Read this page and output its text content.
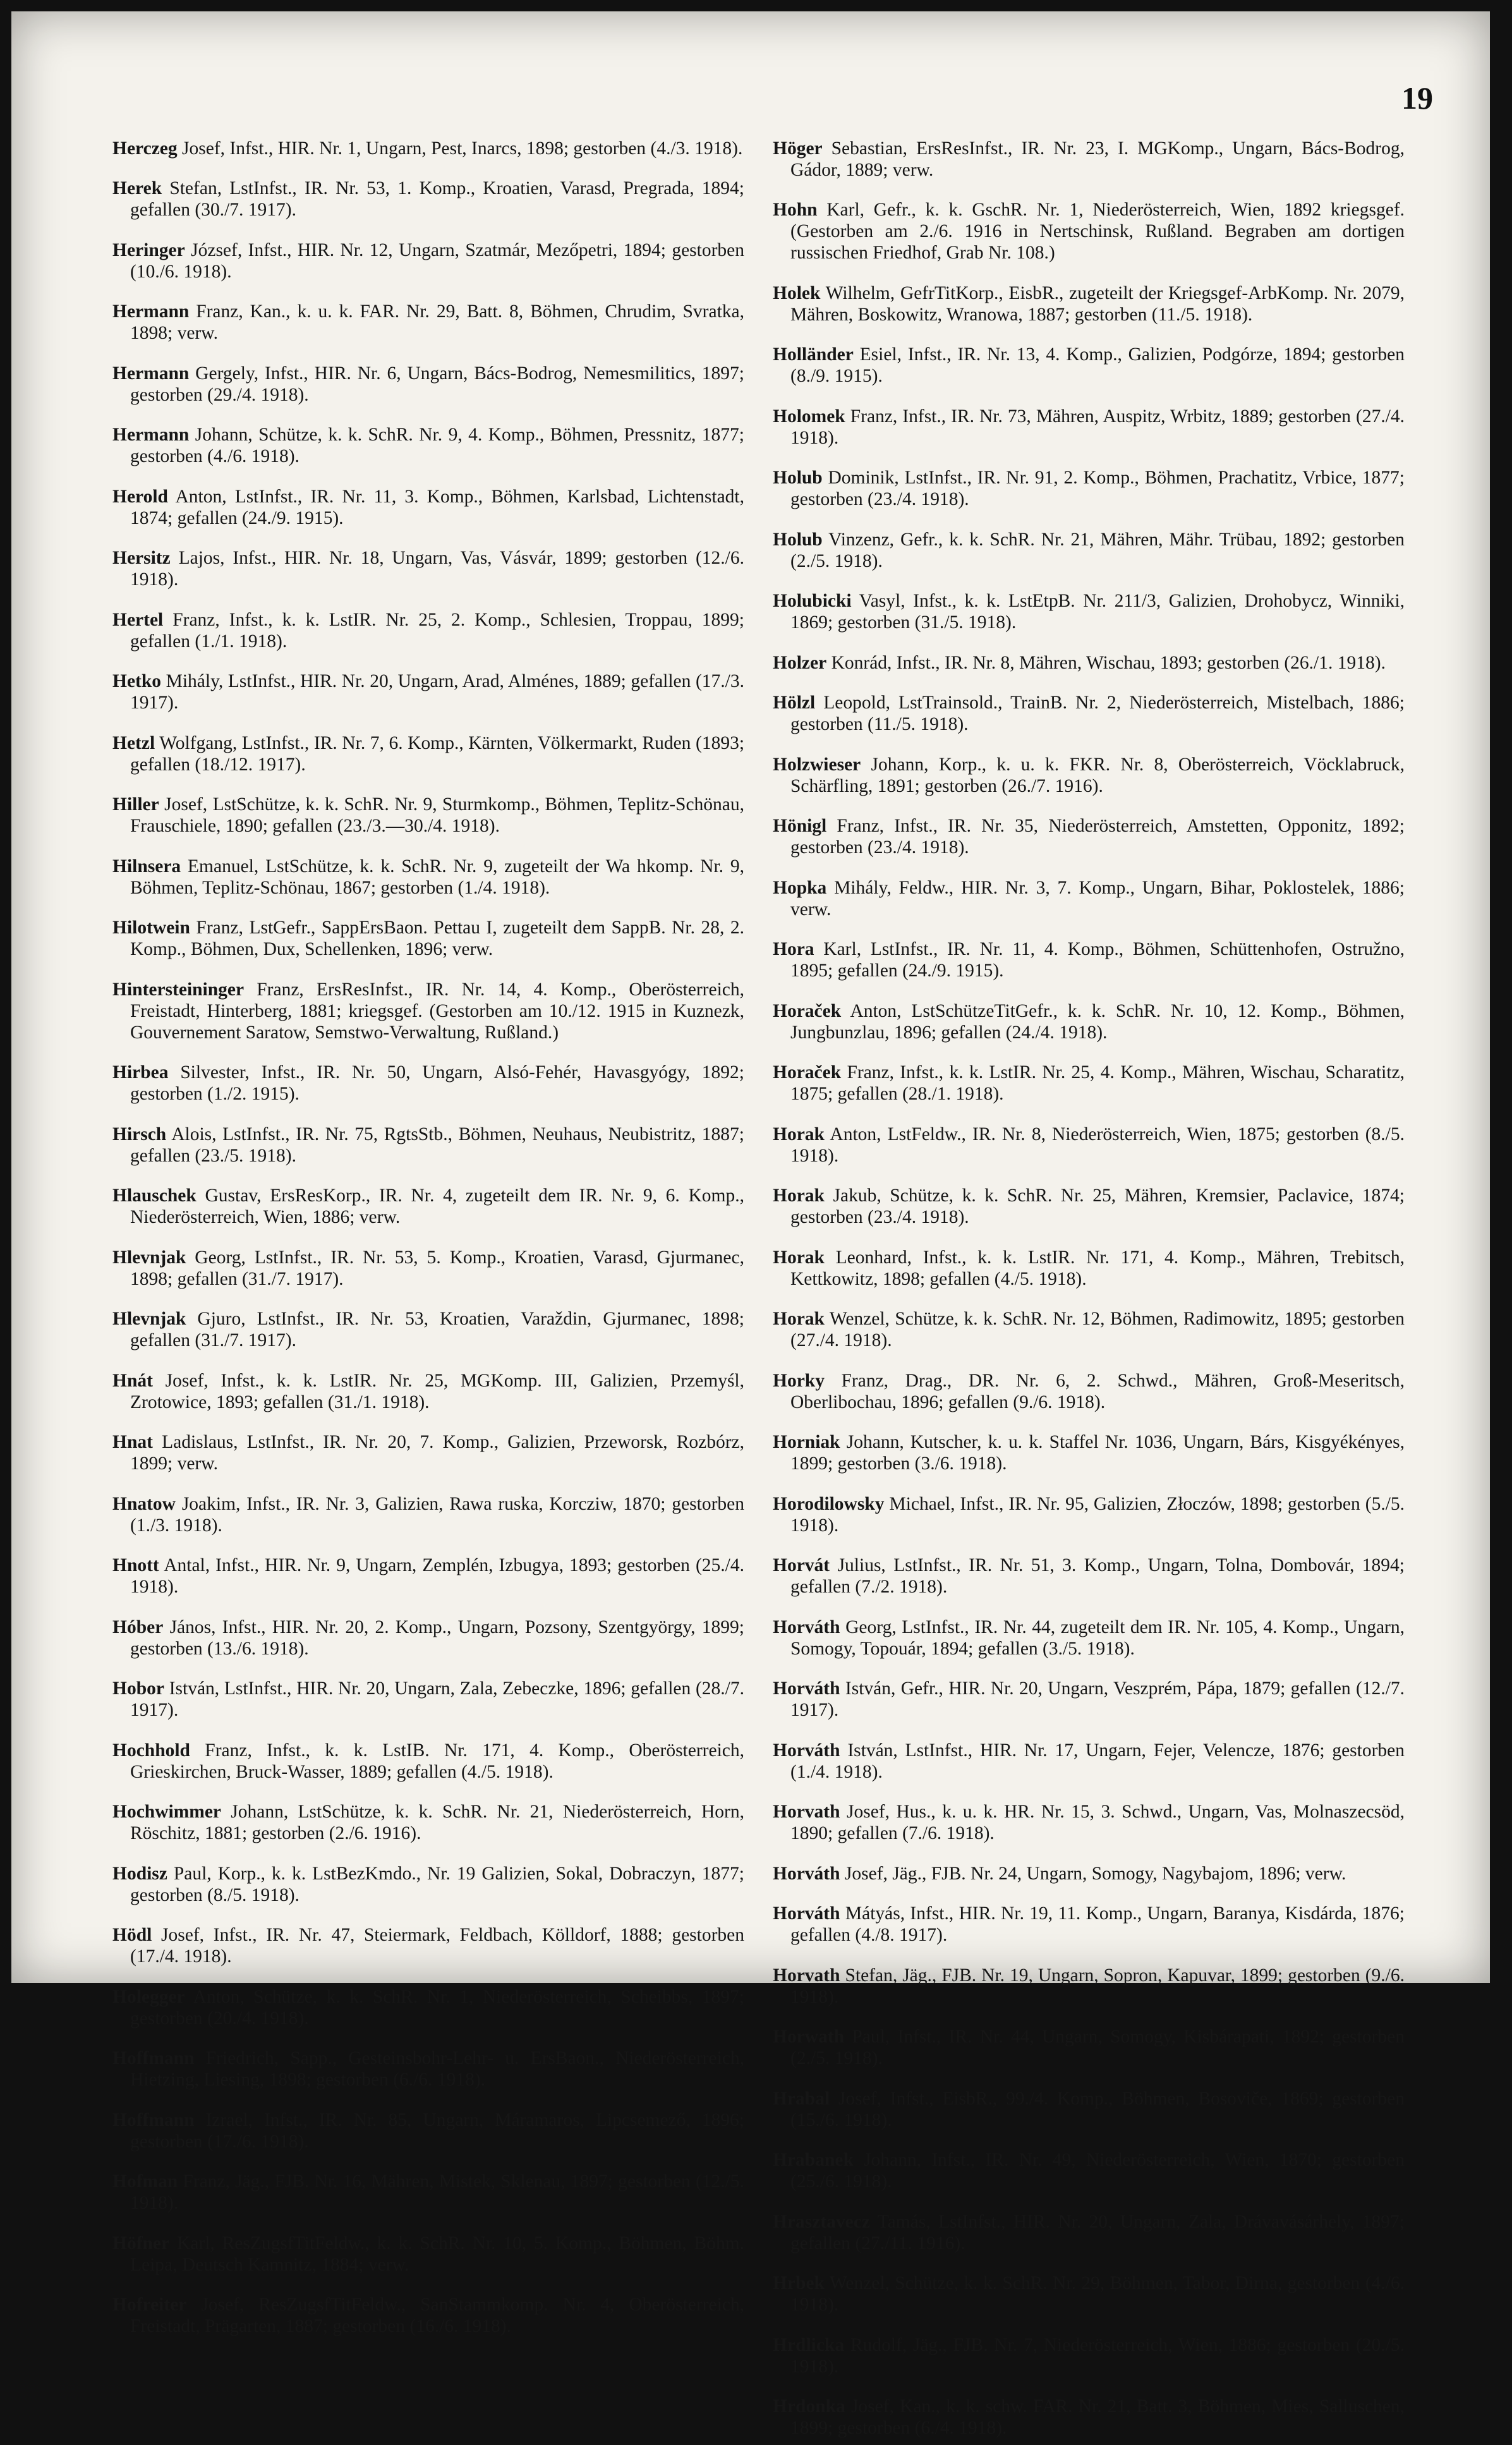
19

Herczeg Josef, Infst., HIR. Nr. 1, Ungarn, Pest, Inarcs, 1898; gestorben (4./3. 1918).

Herek Stefan, LstInfst., IR. Nr. 53, 1. Komp., Kroatien, Varasd, Pregrada, 1894; gefallen (30./7. 1917).

Heringer József, Infst., HIR. Nr. 12, Ungarn, Szatmár, Mezőpetri, 1894; gestorben (10./6. 1918).

Hermann Franz, Kan., k. u. k. FAR. Nr. 29, Batt. 8, Böhmen, Chrudim, Svratka, 1898; verw.

Hermann Gergely, Infst., HIR. Nr. 6, Ungarn, Bács-Bodrog, Nemesmilitics, 1897; gestorben (29./4. 1918).

Hermann Johann, Schütze, k. k. SchR. Nr. 9, 4. Komp., Böhmen, Pressnitz, 1877; gestorben (4./6. 1918).

Herold Anton, LstInfst., IR. Nr. 11, 3. Komp., Böhmen, Karlsbad, Lichtenstadt, 1874; gefallen (24./9. 1915).

Hersitz Lajos, Infst., HIR. Nr. 18, Ungarn, Vas, Vásvár, 1899; gestorben (12./6. 1918).

Hertel Franz, Infst., k. k. LstIR. Nr. 25, 2. Komp., Schlesien, Troppau, 1899; gefallen (1./1. 1918).

Hetko Mihály, LstInfst., HIR. Nr. 20, Ungarn, Arad, Alménes, 1889; gefallen (17./3. 1917).

Hetzl Wolfgang, LstInfst., IR. Nr. 7, 6. Komp., Kärnten, Völkermarkt, Ruden (1893; gefallen (18./12. 1917).

Hiller Josef, LstSchütze, k. k. SchR. Nr. 9, Sturmkomp., Böhmen, Teplitz-Schönau, Frauschiele, 1890; gefallen (23./3.—30./4. 1918).

Hilnsera Emanuel, LstSchütze, k. k. SchR. Nr. 9, zugeteilt der Wa hkomp. Nr. 9, Böhmen, Teplitz-Schönau, 1867; gestorben (1./4. 1918).

Hilotwein Franz, LstGefr., SappErsBaon. Pettau I, zugeteilt dem SappB. Nr. 28, 2. Komp., Böhmen, Dux, Schellenken, 1896; verw.

Hintersteininger Franz, ErsResInfst., IR. Nr. 14, 4. Komp., Oberösterreich, Freistadt, Hinterberg, 1881; kriegsgef. (Gestorben am 10./12. 1915 in Kuznezk, Gouvernement Saratow, Semstwo-Verwaltung, Rußland.)

Hirbea Silvester, Infst., IR. Nr. 50, Ungarn, Alsó-Fehér, Havasgyógy, 1892; gestorben (1./2. 1915).

Hirsch Alois, LstInfst., IR. Nr. 75, RgtsStb., Böhmen, Neuhaus, Neubistritz, 1887; gefallen (23./5. 1918).

Hlauschek Gustav, ErsResKorp., IR. Nr. 4, zugeteilt dem IR. Nr. 9, 6. Komp., Niederösterreich, Wien, 1886; verw.

Hlevnjak Georg, LstInfst., IR. Nr. 53, 5. Komp., Kroatien, Varasd, Gjurmanec, 1898; gefallen (31./7. 1917).

Hlevnjak Gjuro, LstInfst., IR. Nr. 53, Kroatien, Varaždin, Gjurmanec, 1898; gefallen (31./7. 1917).

Hnát Josef, Infst., k. k. LstIR. Nr. 25, MGKomp. III, Galizien, Przemyśl, Zrotowice, 1893; gefallen (31./1. 1918).

Hnat Ladislaus, LstInfst., IR. Nr. 20, 7. Komp., Galizien, Przeworsk, Rozbórz, 1899; verw.

Hnatow Joakim, Infst., IR. Nr. 3, Galizien, Rawa ruska, Korcziw, 1870; gestorben (1./3. 1918).

Hnott Antal, Infst., HIR. Nr. 9, Ungarn, Zemplén, Izbugya, 1893; gestorben (25./4. 1918).

Hóber János, Infst., HIR. Nr. 20, 2. Komp., Ungarn, Pozsony, Szentgyörgy, 1899; gestorben (13./6. 1918).

Hobor István, LstInfst., HIR. Nr. 20, Ungarn, Zala, Zebeczke, 1896; gefallen (28./7. 1917).

Hochhold Franz, Infst., k. k. LstIB. Nr. 171, 4. Komp., Oberösterreich, Grieskirchen, Bruck-Wasser, 1889; gefallen (4./5. 1918).

Hochwimmer Johann, LstSchütze, k. k. SchR. Nr. 21, Niederösterreich, Horn, Röschitz, 1881; gestorben (2./6. 1916).

Hodisz Paul, Korp., k. k. LstBezKmdo., Nr. 19 Galizien, Sokal, Dobraczyn, 1877; gestorben (8./5. 1918).

Hödl Josef, Infst., IR. Nr. 47, Steiermark, Feldbach, Kölldorf, 1888; gestorben (17./4. 1918).

Holegger Anton, Schütze, k. k. SchR. Nr. 1, Niederösterreich, Scheibbs, 1897; gestorben (20./4. 1918).

Hoffmann Friedrich, Sapp., Gesteinsbohr-Lehr- u. ErsBaon., Niederösterreich, Hietzing, Liesing, 1898; gestorben (6./6. 1918).

Hoffmann Izrael, Infst., IR. Nr. 85, Ungarn, Máramaros, Lipcsemező, 1896; gestorben (17./6. 1918).

Hofman Franz, Jäg., FJB. Nr. 16, Mähren, Mistek, Sklenau, 1897; gestorben (12./5. 1918).

Höfner Karl, ResZugsfTitFeldw., k. k. SchR. Nr. 10, 5. Komp., Böhmen, Böhm. Leipa, Deutsch Kamnitz, 1884; verw.

Hofreiter Josef, ResZugsfTitFeldw., SanStammkomp. Nr. 4, Oberösterreich, Freistadt, Prägarten, 1887; gestorben (16./6. 1918).

Höger Sebastian, ErsResInfst., IR. Nr. 23, I. MGKomp., Ungarn, Bács-Bodrog, Gádor, 1889; verw.

Hohn Karl, Gefr., k. k. GschR. Nr. 1, Niederösterreich, Wien, 1892 kriegsgef. (Gestorben am 2./6. 1916 in Nertschinsk, Rußland. Begraben am dortigen russischen Friedhof, Grab Nr. 108.)

Holek Wilhelm, GefrTitKorp., EisbR., zugeteilt der Kriegsgef-ArbKomp. Nr. 2079, Mähren, Boskowitz, Wranowa, 1887; gestorben (11./5. 1918).

Holländer Esiel, Infst., IR. Nr. 13, 4. Komp., Galizien, Podgórze, 1894; gestorben (8./9. 1915).

Holomek Franz, Infst., IR. Nr. 73, Mähren, Auspitz, Wrbitz, 1889; gestorben (27./4. 1918).

Holub Dominik, LstInfst., IR. Nr. 91, 2. Komp., Böhmen, Prachatitz, Vrbice, 1877; gestorben (23./4. 1918).

Holub Vinzenz, Gefr., k. k. SchR. Nr. 21, Mähren, Mähr. Trübau, 1892; gestorben (2./5. 1918).

Holubicki Vasyl, Infst., k. k. LstEtpB. Nr. 211/3, Galizien, Drohobycz, Winniki, 1869; gestorben (31./5. 1918).

Holzer Konrád, Infst., IR. Nr. 8, Mähren, Wischau, 1893; gestorben (26./1. 1918).

Hölzl Leopold, LstTrainsold., TrainB. Nr. 2, Niederösterreich, Mistelbach, 1886; gestorben (11./5. 1918).

Holzwieser Johann, Korp., k. u. k. FKR. Nr. 8, Oberösterreich, Vöcklabruck, Schärfling, 1891; gestorben (26./7. 1916).

Hönigl Franz, Infst., IR. Nr. 35, Niederösterreich, Amstetten, Opponitz, 1892; gestorben (23./4. 1918).

Hopka Mihály, Feldw., HIR. Nr. 3, 7. Komp., Ungarn, Bihar, Poklostelek, 1886; verw.

Hora Karl, LstInfst., IR. Nr. 11, 4. Komp., Böhmen, Schüttenhofen, Ostružno, 1895; gefallen (24./9. 1915).

Horaček Anton, LstSchützeTitGefr., k. k. SchR. Nr. 10, 12. Komp., Böhmen, Jungbunzlau, 1896; gefallen (24./4. 1918).

Horaček Franz, Infst., k. k. LstIR. Nr. 25, 4. Komp., Mähren, Wischau, Scharatitz, 1875; gefallen (28./1. 1918).

Horak Anton, LstFeldw., IR. Nr. 8, Niederösterreich, Wien, 1875; gestorben (8./5. 1918).

Horak Jakub, Schütze, k. k. SchR. Nr. 25, Mähren, Kremsier, Paclavice, 1874; gestorben (23./4. 1918).

Horak Leonhard, Infst., k. k. LstIR. Nr. 171, 4. Komp., Mähren, Trebitsch, Kettkowitz, 1898; gefallen (4./5. 1918).

Horak Wenzel, Schütze, k. k. SchR. Nr. 12, Böhmen, Radimowitz, 1895; gestorben (27./4. 1918).

Horky Franz, Drag., DR. Nr. 6, 2. Schwd., Mähren, Groß-Meseritsch, Oberlibochau, 1896; gefallen (9./6. 1918).

Horniak Johann, Kutscher, k. u. k. Staffel Nr. 1036, Ungarn, Bárs, Kisgyékényes, 1899; gestorben (3./6. 1918).

Horodilowsky Michael, Infst., IR. Nr. 95, Galizien, Złoczów, 1898; gestorben (5./5. 1918).

Horvát Julius, LstInfst., IR. Nr. 51, 3. Komp., Ungarn, Tolna, Dombovár, 1894; gefallen (7./2. 1918).

Horváth Georg, LstInfst., IR. Nr. 44, zugeteilt dem IR. Nr. 105, 4. Komp., Ungarn, Somogy, Topouár, 1894; gefallen (3./5. 1918).

Horváth István, Gefr., HIR. Nr. 20, Ungarn, Veszprém, Pápa, 1879; gefallen (12./7. 1917).

Horváth István, LstInfst., HIR. Nr. 17, Ungarn, Fejer, Velencze, 1876; gestorben (1./4. 1918).

Horvath Josef, Hus., k. u. k. HR. Nr. 15, 3. Schwd., Ungarn, Vas, Molnaszecsöd, 1890; gefallen (7./6. 1918).

Horváth Josef, Jäg., FJB. Nr. 24, Ungarn, Somogy, Nagybajom, 1896; verw.

Horváth Mátyás, Infst., HIR. Nr. 19, 11. Komp., Ungarn, Baranya, Kisdárda, 1876; gefallen (4./8. 1917).

Horvath Stefan, Jäg., FJB. Nr. 19, Ungarn, Sopron, Kapuvar, 1899; gestorben (9./6. 1918).

Horwath Paul, Infst., IR. Nr. 44, Ungarn, Somogy, Kisbárapati, 1892; gestorben (2./5. 1918).

Hrabal Josef, Infst., EisbR., 99./4. Komp., Böhmen, Bosoviče, 1869; gestorben (15./6. 1918).

Hrabanek Johann, Infst., IR. Nr. 49, Niederösterreich, Wien, 1870; gestorben (25./6. 1918).

Hrasztavecz Tamás, LstInfst., HIR. Nr. 20, Ungarn, Zala, Drávavásárhely, 1897; gefallen (27./11. 1916).

Hrbek Wenzel, Schütze, k. k. SchR. Nr. 29, Böhmen, Tabor, Dirna, gestorben (4./6. 1918).

Hrdlicka Rudolf, Jäg., FJB. Nr. 7, Niederösterreich, Wien, 1886; gestorben (20./5. 1918).

Hrdonka Josef, Kan., k. k. schw. FAR. Nr. 21, Batt. 3, Böhmen, Mies, Salluschen, 1899; gestorben (6./4. 1918).
